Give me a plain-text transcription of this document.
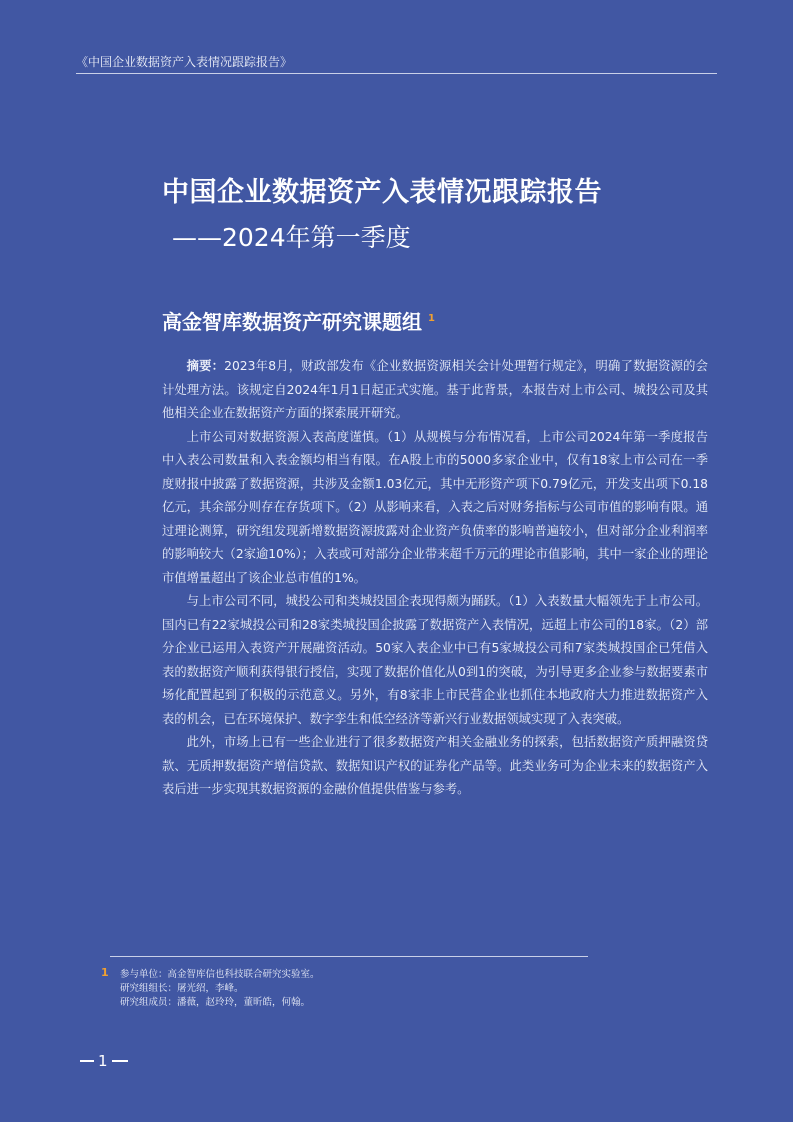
《中国企业数据资产入表情况跟踪报告》
中国企业数据资产入表情况跟踪报告
——2024年第一季度
高金智库数据资产研究课题组 $^1$

摘要：2023年8月，财政部发布《企业数据资源相关会计处理暂行规定》，明确了数据资源的会计处理方法。该规定自2024年1月1日起正式实施。基于此背景，本报告对上市公司、城投公司及其他相关企业在数据资产方面的探索展开研究。

上市公司对数据资源入表高度谨慎。（1）从规模与分布情况看，上市公司2024年第一季度报告中入表公司数量和入表金额均相当有限。在A股上市的5000多家企业中，仅有18家上市公司在一季度财报中披露了数据资源，共涉及金额1.03亿元，其中无形资产项下0.79亿元，开发支出项下0.18亿元，其余部分则存在存货项下。（2）从影响来看，入表之后对财务指标与公司市值的影响有限。通过理论测算，研究组发现新增数据资源披露对企业资产负债率的影响普遍较小，但对部分企业利润率的影响较大（2家逾10%）；入表或可对部分企业带来超千万元的理论市值影响，其中一家企业的理论市值增量超出了该企业总市值的1%。

与上市公司不同，城投公司和类城投国企表现得颇为踊跃。（1）入表数量大幅领先于上市公司。国内已有22家城投公司和28家类城投国企披露了数据资产入表情况，远超上市公司的18家。（2）部分企业已运用入表资产开展融资活动。50家入表企业中已有5家城投公司和7家类城投国企已凭借入表的数据资产顺利获得银行授信，实现了数据价值化从0到1的突破，为引导更多企业参与数据要素市场化配置起到了积极的示范意义。另外，有8家非上市民营企业也抓住本地政府大力推进数据资产入表的机会，已在环境保护、数字孪生和低空经济等新兴行业数据领域实现了入表突破。

此外，市场上已有一些企业进行了很多数据资产相关金融业务的探索，包括数据资产质押融资贷款、无质押数据资产增信贷款、数据知识产权的证券化产品等。此类业务可为企业未来的数据资产入表后进一步实现其数据资源的金融价值提供借鉴与参考。

1 参与单位：高金智库信也科技联合研究实验室。
研究组组长：屠光绍，李峰。
研究组成员：潘薇，赵玲玲，董昕皓，何翰。
1
